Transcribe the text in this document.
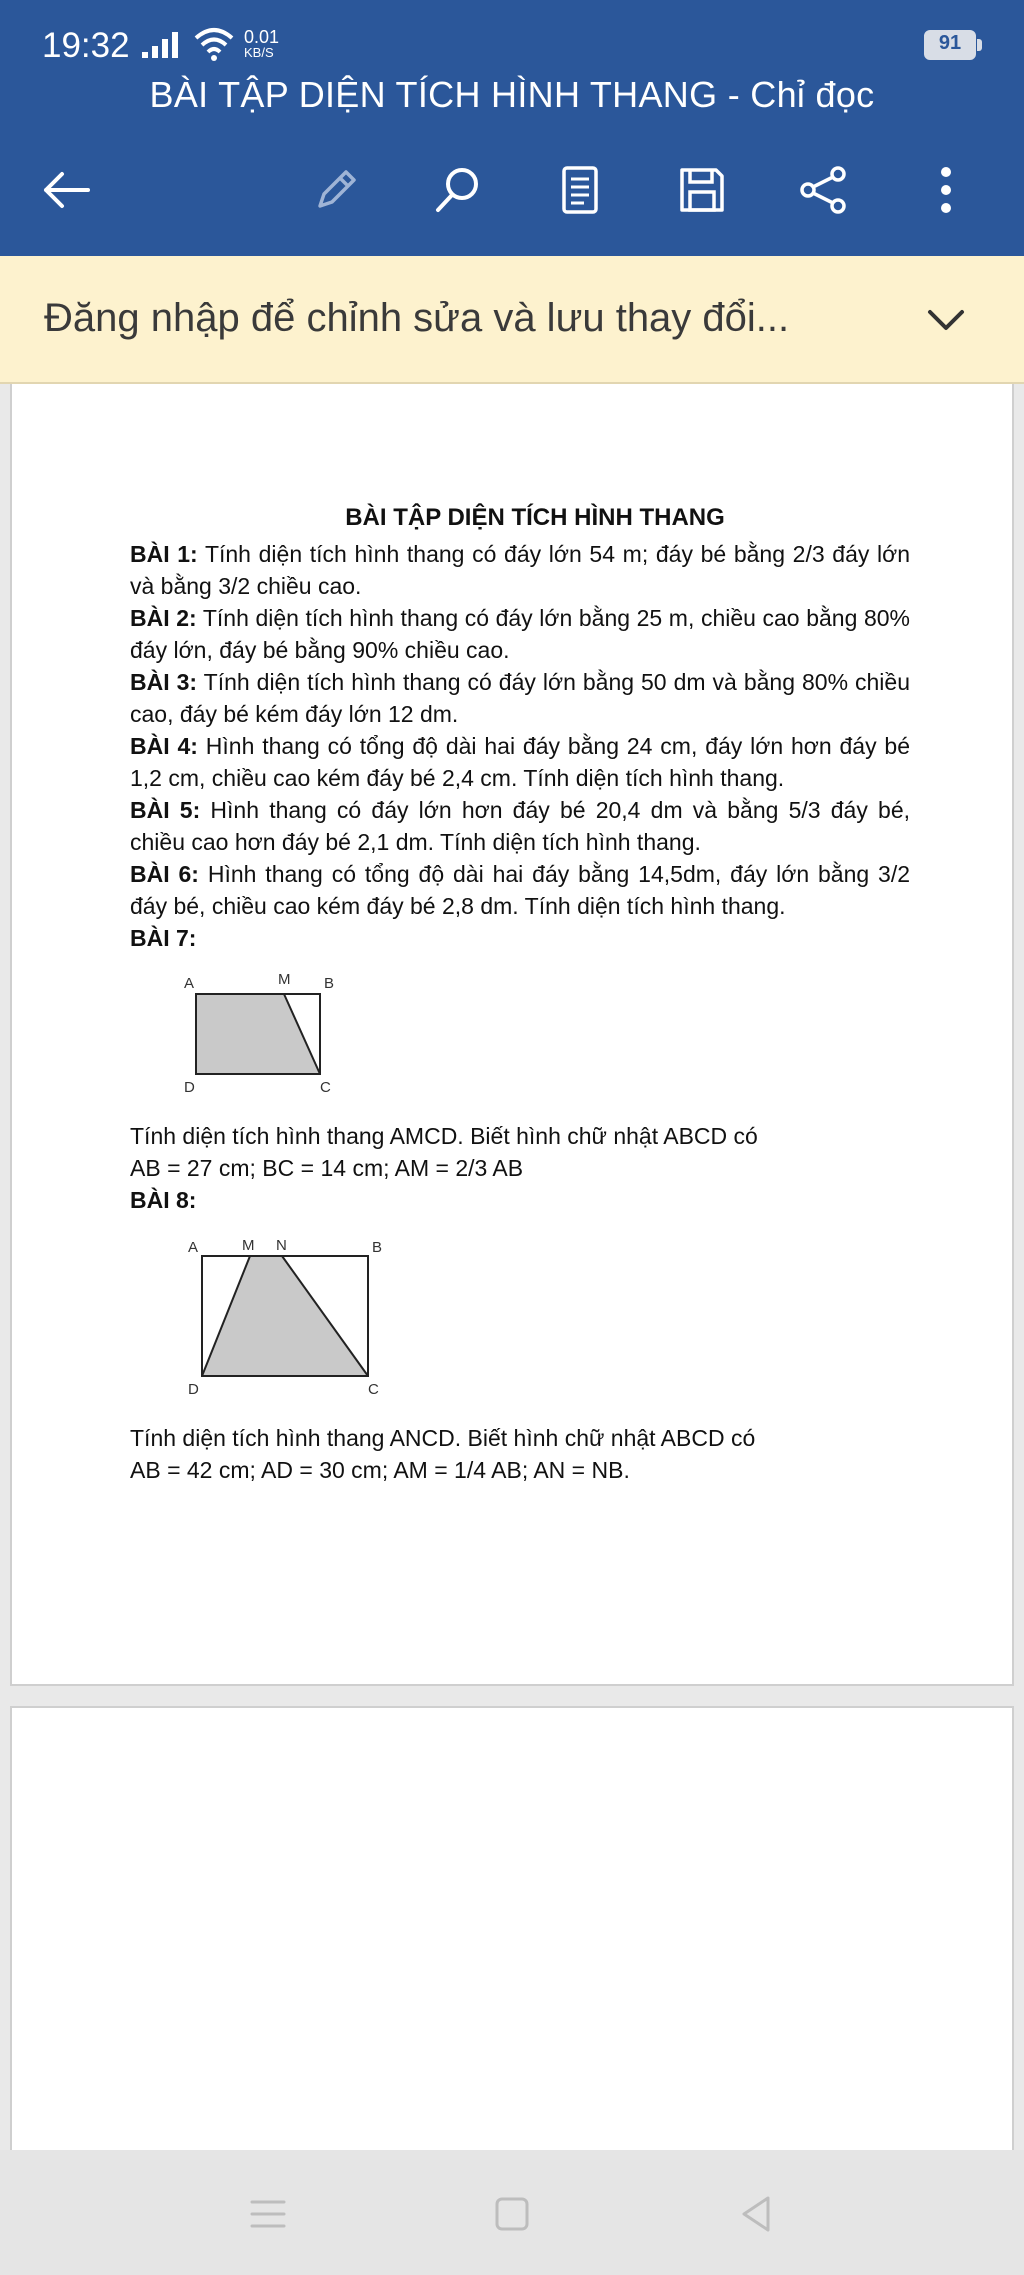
19:32	0.01
KB/S	91
BÀI TẬP DIỆN TÍCH HÌNH THANG - Chỉ đọc
Đăng nhập để chỉnh sửa và lưu thay đổi...
BÀI TẬP DIỆN TÍCH HÌNH THANG
BÀI 1: Tính diện tích hình thang có đáy lớn 54 m; đáy bé bằng 2/3 đáy lớn và bằng 3/2 chiều cao.
BÀI 2: Tính diện tích hình thang có đáy lớn bằng 25 m, chiều cao bằng 80% đáy lớn, đáy bé bằng 90% chiều cao.
BÀI 3: Tính diện tích hình thang có đáy lớn bằng 50 dm và bằng 80% chiều cao, đáy bé kém đáy lớn 12 dm.
BÀI 4: Hình thang có tổng độ dài hai đáy bằng 24 cm, đáy lớn hơn đáy bé 1,2 cm, chiều cao kém đáy bé 2,4 cm. Tính diện tích hình thang.
BÀI 5: Hình thang có đáy lớn hơn đáy bé 20,4 dm và bằng 5/3 đáy bé, chiều cao hơn đáy bé 2,1 dm. Tính diện tích hình thang.
BÀI 6: Hình thang có tổng độ dài hai đáy bằng 14,5dm, đáy lớn bằng 3/2 đáy bé, chiều cao kém đáy bé 2,8 dm. Tính diện tích hình thang.
BÀI 7:
A	M B
D	C
Tính diện tích hình thang AMCD. Biết hình chữ nhật ABCD có
AB = 27 cm; BC = 14 cm; AM = 2/3 AB
BÀI 8:
A	M N	B
D	C
Tính diện tích hình thang ANCD. Biết hình chữ nhật ABCD có
AB = 42 cm; AD = 30 cm; AM = 1/4 AB; AN = NB.
